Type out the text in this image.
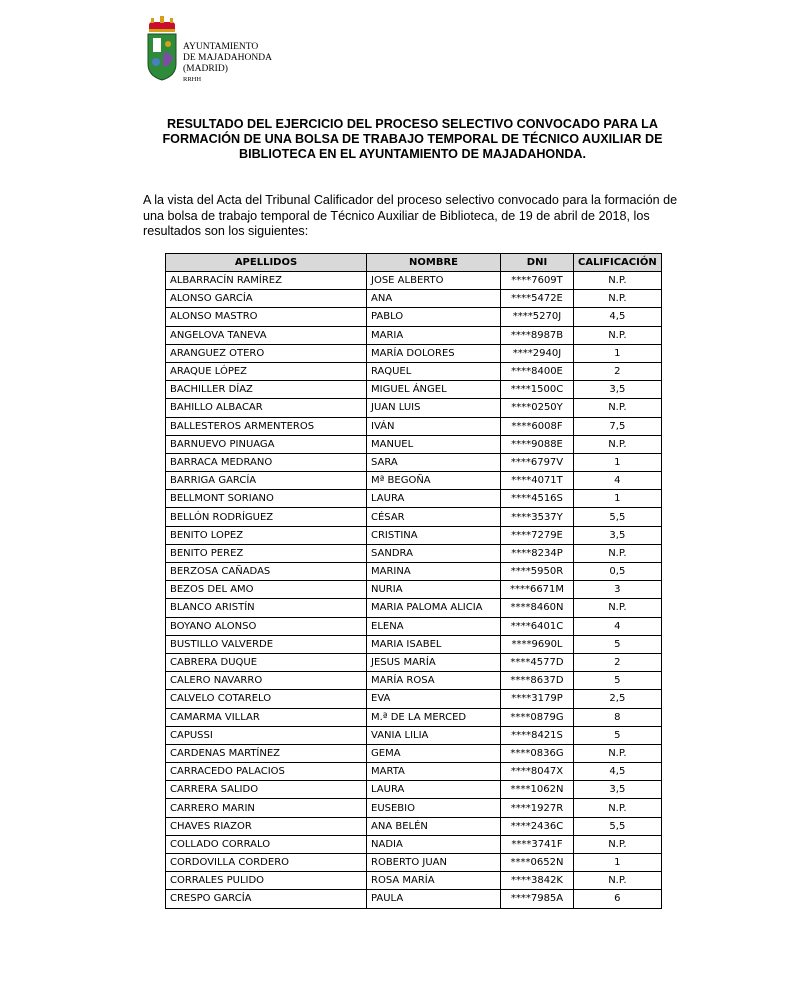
AYUNTAMIENTO
DE MAJADAHONDA
(MADRID)
RRHH
RESULTADO DEL EJERCICIO DEL PROCESO SELECTIVO CONVOCADO PARA LA FORMACIÓN DE UNA BOLSA DE TRABAJO TEMPORAL DE TÉCNICO AUXILIAR DE BIBLIOTECA EN EL AYUNTAMIENTO DE MAJADAHONDA.
A la vista del Acta del Tribunal Calificador del proceso selectivo convocado para la formación de una bolsa de trabajo temporal de Técnico Auxiliar de Biblioteca, de 19 de abril de 2018, los resultados son los siguientes:
APELLIDOS	NOMBRE	DNI	CALIFICACIÓN
ALBARRACÍN RAMÍREZ	JOSE ALBERTO	****7609T	N.P.
ALONSO GARCÍA	ANA	****5472E	N.P.
ALONSO MASTRO	PABLO	****5270J	4,5
ANGELOVA TANEVA	MARIA	****8987B	N.P.
ARANGUEZ OTERO	MARÍA DOLORES	****2940J	1
ARAQUE LÓPEZ	RAQUEL	****8400E	2
BACHILLER DÍAZ	MIGUEL ÁNGEL	****1500C	3,5
BAHILLO ALBACAR	JUAN LUIS	****0250Y	N.P.
BALLESTEROS ARMENTEROS	IVÁN	****6008F	7,5
BARNUEVO PINUAGA	MANUEL	****9088E	N.P.
BARRACA MEDRANO	SARA	****6797V	1
BARRIGA GARCÍA	Mª BEGOÑA	****4071T	4
BELLMONT SORIANO	LAURA	****4516S	1
BELLÓN RODRÍGUEZ	CÉSAR	****3537Y	5,5
BENITO LOPEZ	CRISTINA	****7279E	3,5
BENITO PEREZ	SANDRA	****8234P	N.P.
BERZOSA CAÑADAS	MARINA	****5950R	0,5
BEZOS DEL AMO	NURIA	****6671M	3
BLANCO ARISTÍN	MARIA PALOMA ALICIA	****8460N	N.P.
BOYANO ALONSO	ELENA	****6401C	4
BUSTILLO VALVERDE	MARIA ISABEL	****9690L	5
CABRERA DUQUE	JESUS MARÍA	****4577D	2
CALERO NAVARRO	MARÍA ROSA	****8637D	5
CALVELO COTARELO	EVA	****3179P	2,5
CAMARMA VILLAR	M.ª DE LA MERCED	****0879G	8
CAPUSSI	VANIA LILIA	****8421S	5
CARDENAS MARTÍNEZ	GEMA	****0836G	N.P.
CARRACEDO PALACIOS	MARTA	****8047X	4,5
CARRERA SALIDO	LAURA	****1062N	3,5
CARRERO MARIN	EUSEBIO	****1927R	N.P.
CHAVES RIAZOR	ANA BELÉN	****2436C	5,5
COLLADO CORRALO	NADIA	****3741F	N.P.
CORDOVILLA CORDERO	ROBERTO JUAN	****0652N	1
CORRALES PULIDO	ROSA MARÍA	****3842K	N.P.
CRESPO GARCÍA	PAULA	****7985A	6
